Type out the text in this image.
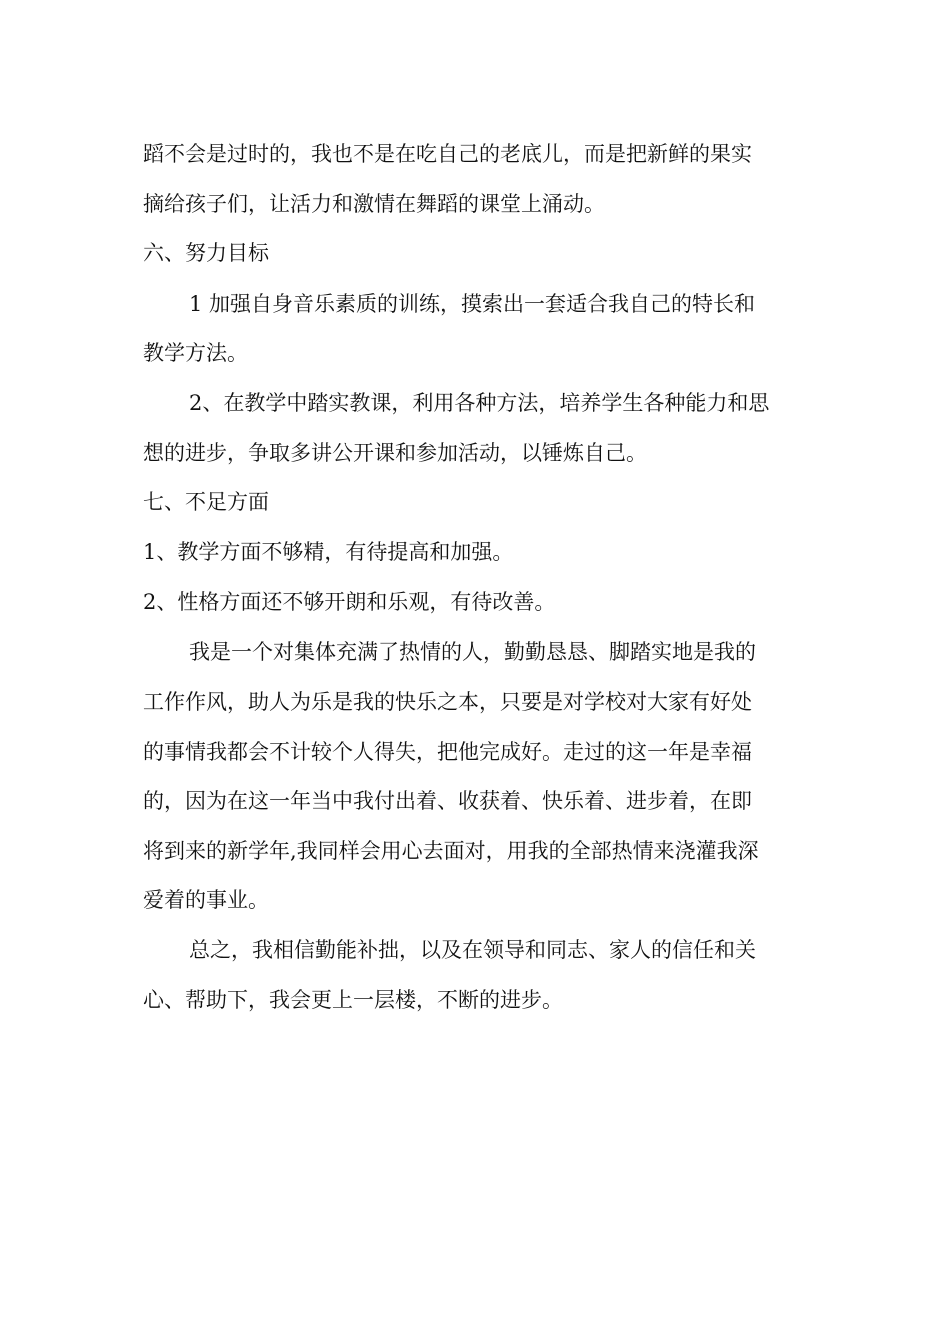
蹈不会是过时的，我也不是在吃自己的老底儿，而是把新鲜的果实
摘给孩子们，让活力和激情在舞蹈的课堂上涌动。
六、努力目标
1 加强自身音乐素质的训练，摸索出一套适合我自己的特长和
教学方法。
2、在教学中踏实教课，利用各种方法，培养学生各种能力和思
想的进步，争取多讲公开课和参加活动，以锤炼自己。
七、不足方面
1、教学方面不够精，有待提高和加强。
2、性格方面还不够开朗和乐观，有待改善。
我是一个对集体充满了热情的人，勤勤恳恳、脚踏实地是我的
工作作风，助人为乐是我的快乐之本，只要是对学校对大家有好处
的事情我都会不计较个人得失，把他完成好。走过的这一年是幸福
的，因为在这一年当中我付出着、收获着、快乐着、进步着，在即
将到来的新学年,我同样会用心去面对，用我的全部热情来浇灌我深
爱着的事业。
总之，我相信勤能补拙，以及在领导和同志、家人的信任和关
心、帮助下，我会更上一层楼，不断的进步。
